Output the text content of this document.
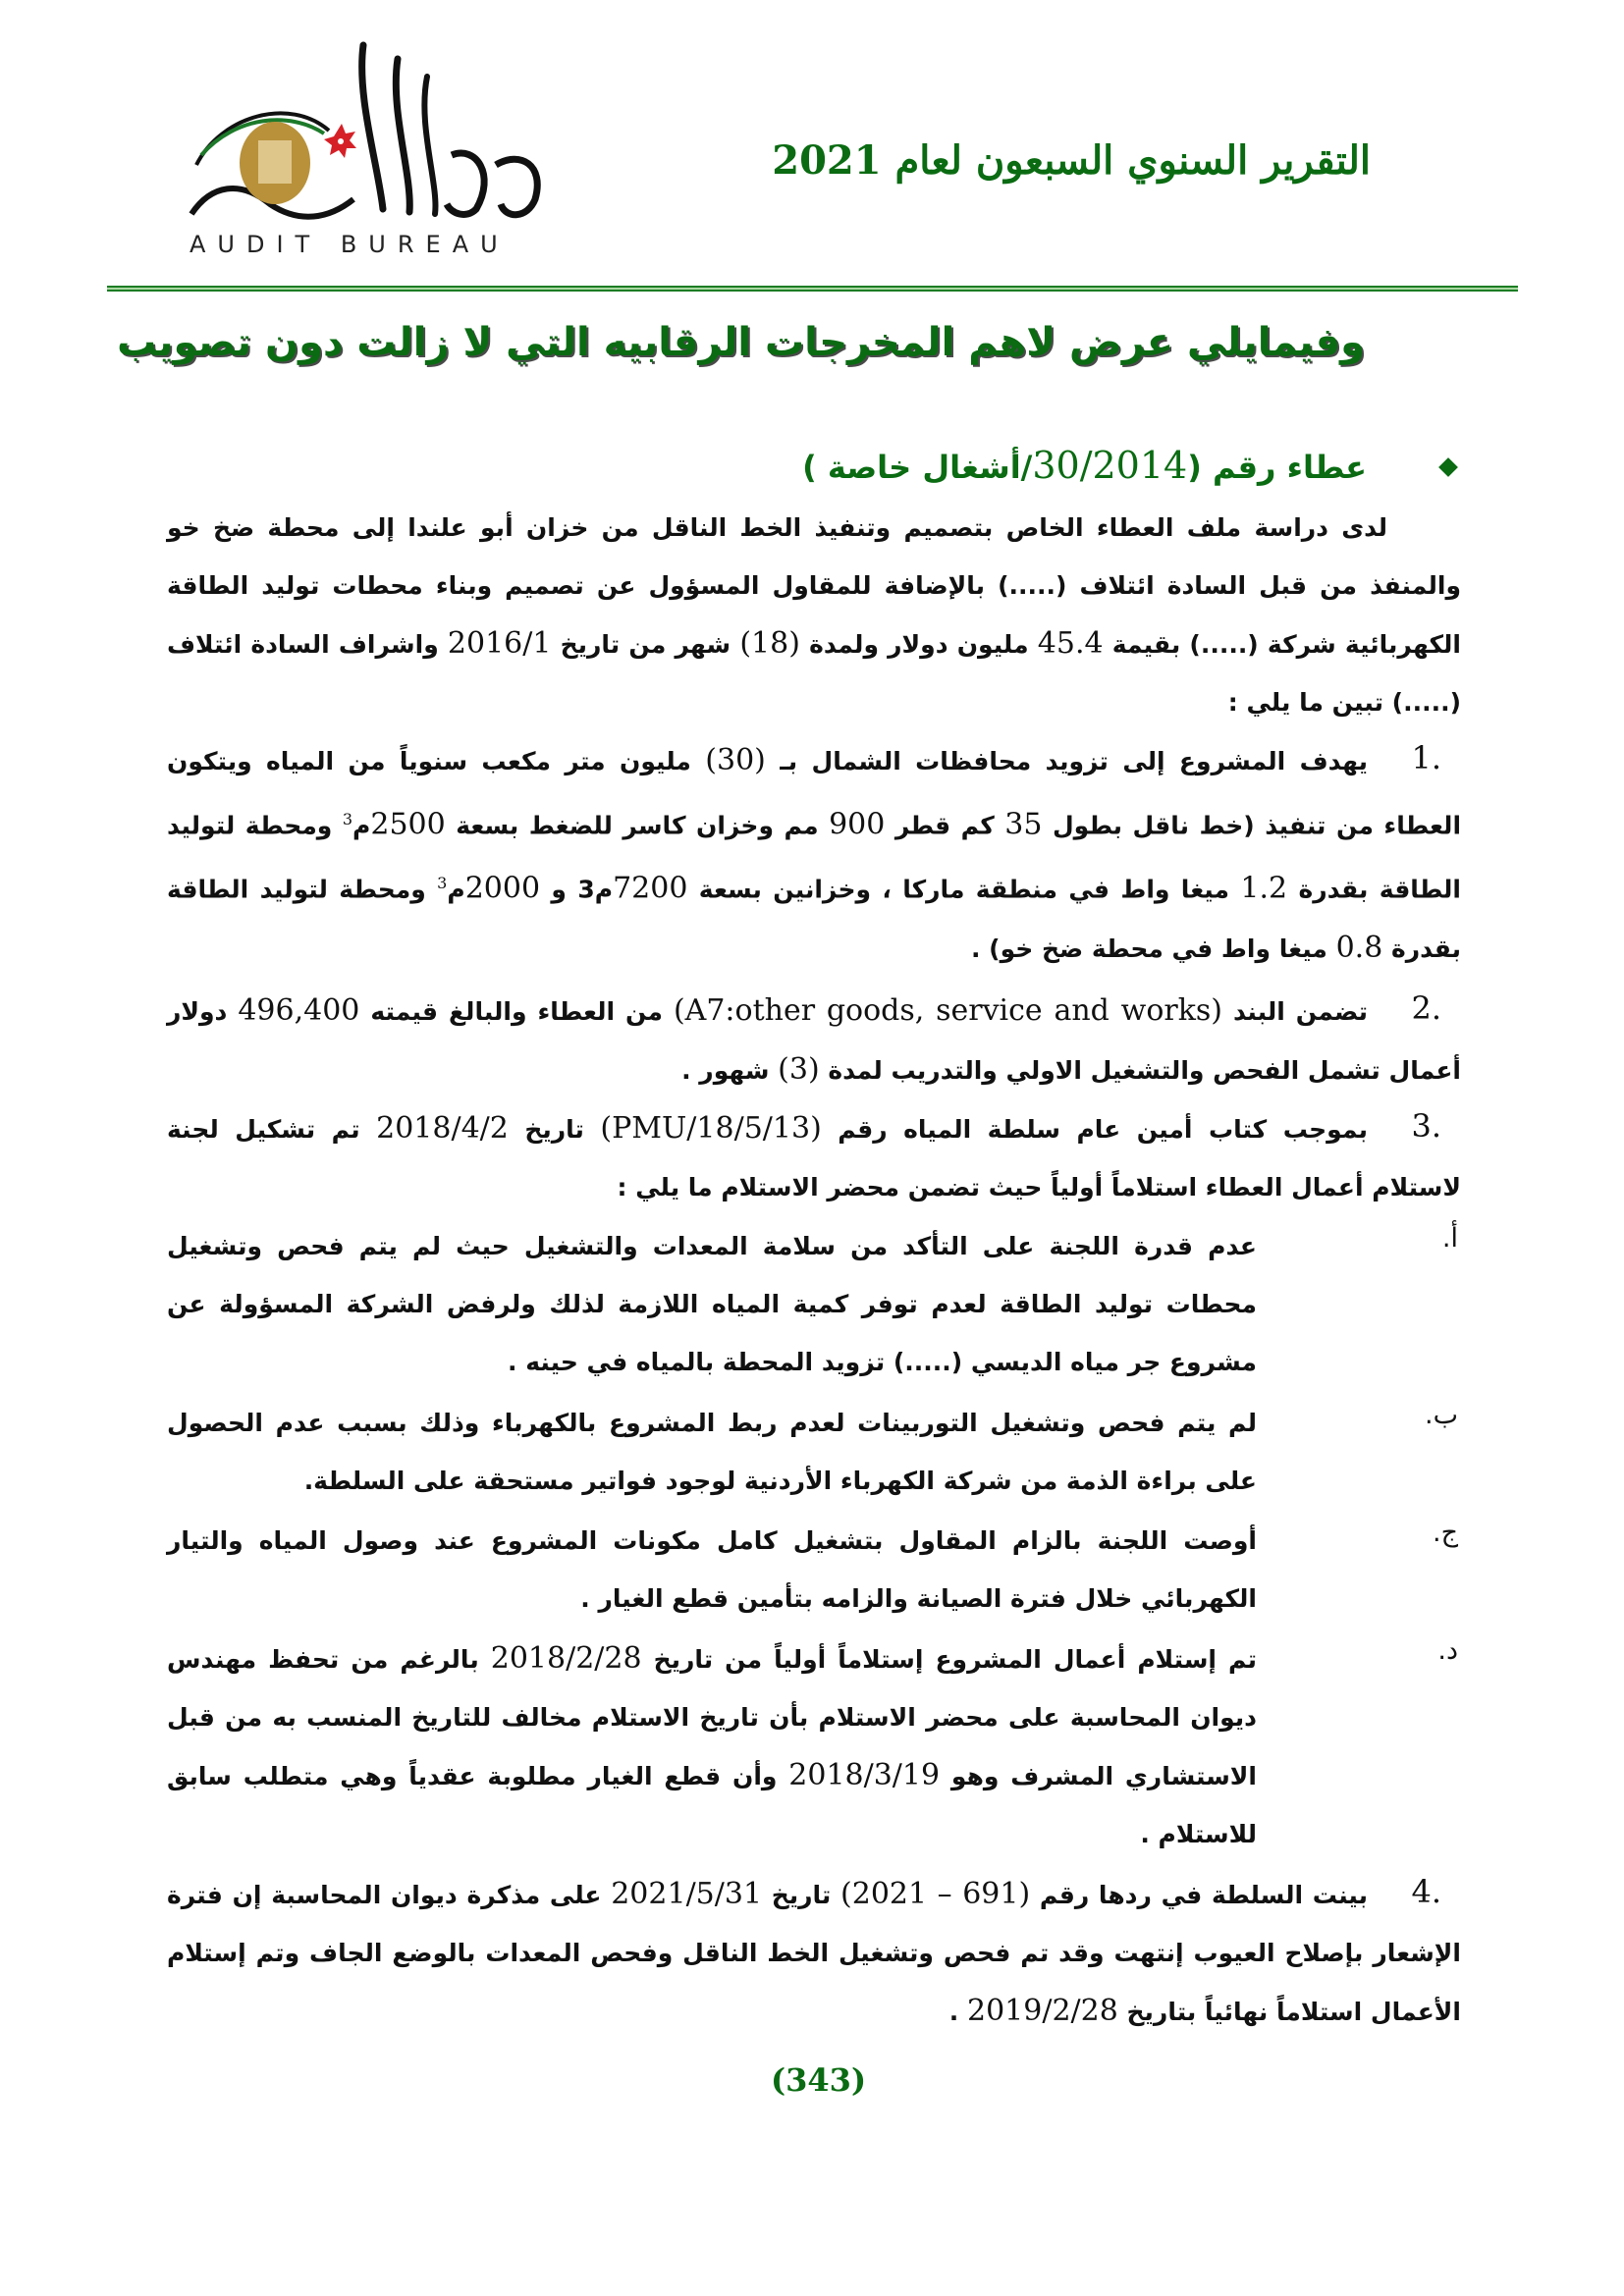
AUDIT BUREAU
التقرير السنوي السبعون لعام 2021
وفيمايلي عرض لاهم المخرجات الرقابيه التي لا زالت دون تصويب
عطاء رقم (30/2014/أشغال خاصة )
لدى دراسة ملف العطاء الخاص بتصميم وتنفيذ الخط الناقل من خزان أبو علندا إلى محطة ضخ خو والمنفذ من قبل السادة ائتلاف (.....) بالإضافة للمقاول المسؤول عن تصميم وبناء محطات توليد الطاقة الكهربائية شركة (.....) بقيمة 45.4 مليون دولار ولمدة (18) شهر من تاريخ 2016/1 واشراف السادة ائتلاف (.....) تبين ما يلي :
.1
يهدف المشروع إلى تزويد محافظات الشمال بـ (30) مليون متر مكعب سنوياً من المياه ويتكون العطاء من تنفيذ (خط ناقل بطول 35 كم قطر 900 مم وخزان كاسر للضغط بسعة 2500م$^3$ ومحطة لتوليد الطاقة بقدرة 1.2 ميغا واط في منطقة ماركا ، وخزانين بسعة 7200م3 و 2000م$^3$ ومحطة لتوليد الطاقة بقدرة 0.8 ميغا واط في محطة ضخ خو) .
.2
تضمن البند (A7:other goods, service and works) من العطاء والبالغ قيمته 496,400 دولار أعمال تشمل الفحص والتشغيل الاولي والتدريب لمدة (3) شهور .
.3
بموجب كتاب أمين عام سلطة المياه رقم (PMU/18/5/13) تاريخ 2018/4/2 تم تشكيل لجنة لاستلام أعمال العطاء استلاماً أولياً حيث تضمن محضر الاستلام ما يلي :
أ.
عدم قدرة اللجنة على التأكد من سلامة المعدات والتشغيل حيث لم يتم فحص وتشغيل محطات توليد الطاقة لعدم توفر كمية المياه اللازمة لذلك ولرفض الشركة المسؤولة عن مشروع جر مياه الديسي (.....) تزويد المحطة بالمياه في حينه .
ب.
لم يتم فحص وتشغيل التوربينات لعدم ربط المشروع بالكهرباء وذلك بسبب عدم الحصول على براءة الذمة من شركة الكهرباء الأردنية لوجود فواتير مستحقة على السلطة.
ج.
أوصت اللجنة بالزام المقاول بتشغيل كامل مكونات المشروع عند وصول المياه والتيار الكهربائي خلال فترة الصيانة والزامه بتأمين قطع الغيار .
د.
تم إستلام أعمال المشروع إستلاماً أولياً من تاريخ 2018/2/28 بالرغم من تحفظ مهندس ديوان المحاسبة على محضر الاستلام بأن تاريخ الاستلام مخالف للتاريخ المنسب به من قبل الاستشاري المشرف وهو 2018/3/19 وأن قطع الغيار مطلوبة عقدياً وهي متطلب سابق للاستلام .
.4
بينت السلطة في ردها رقم (691 – 2021) تاريخ 2021/5/31 على مذكرة ديوان المحاسبة إن فترة الإشعار بإصلاح العيوب إنتهت وقد تم فحص وتشغيل الخط الناقل وفحص المعدات بالوضع الجاف وتم إستلام الأعمال استلاماً نهائياً بتاريخ 2019/2/28 .
(343)
